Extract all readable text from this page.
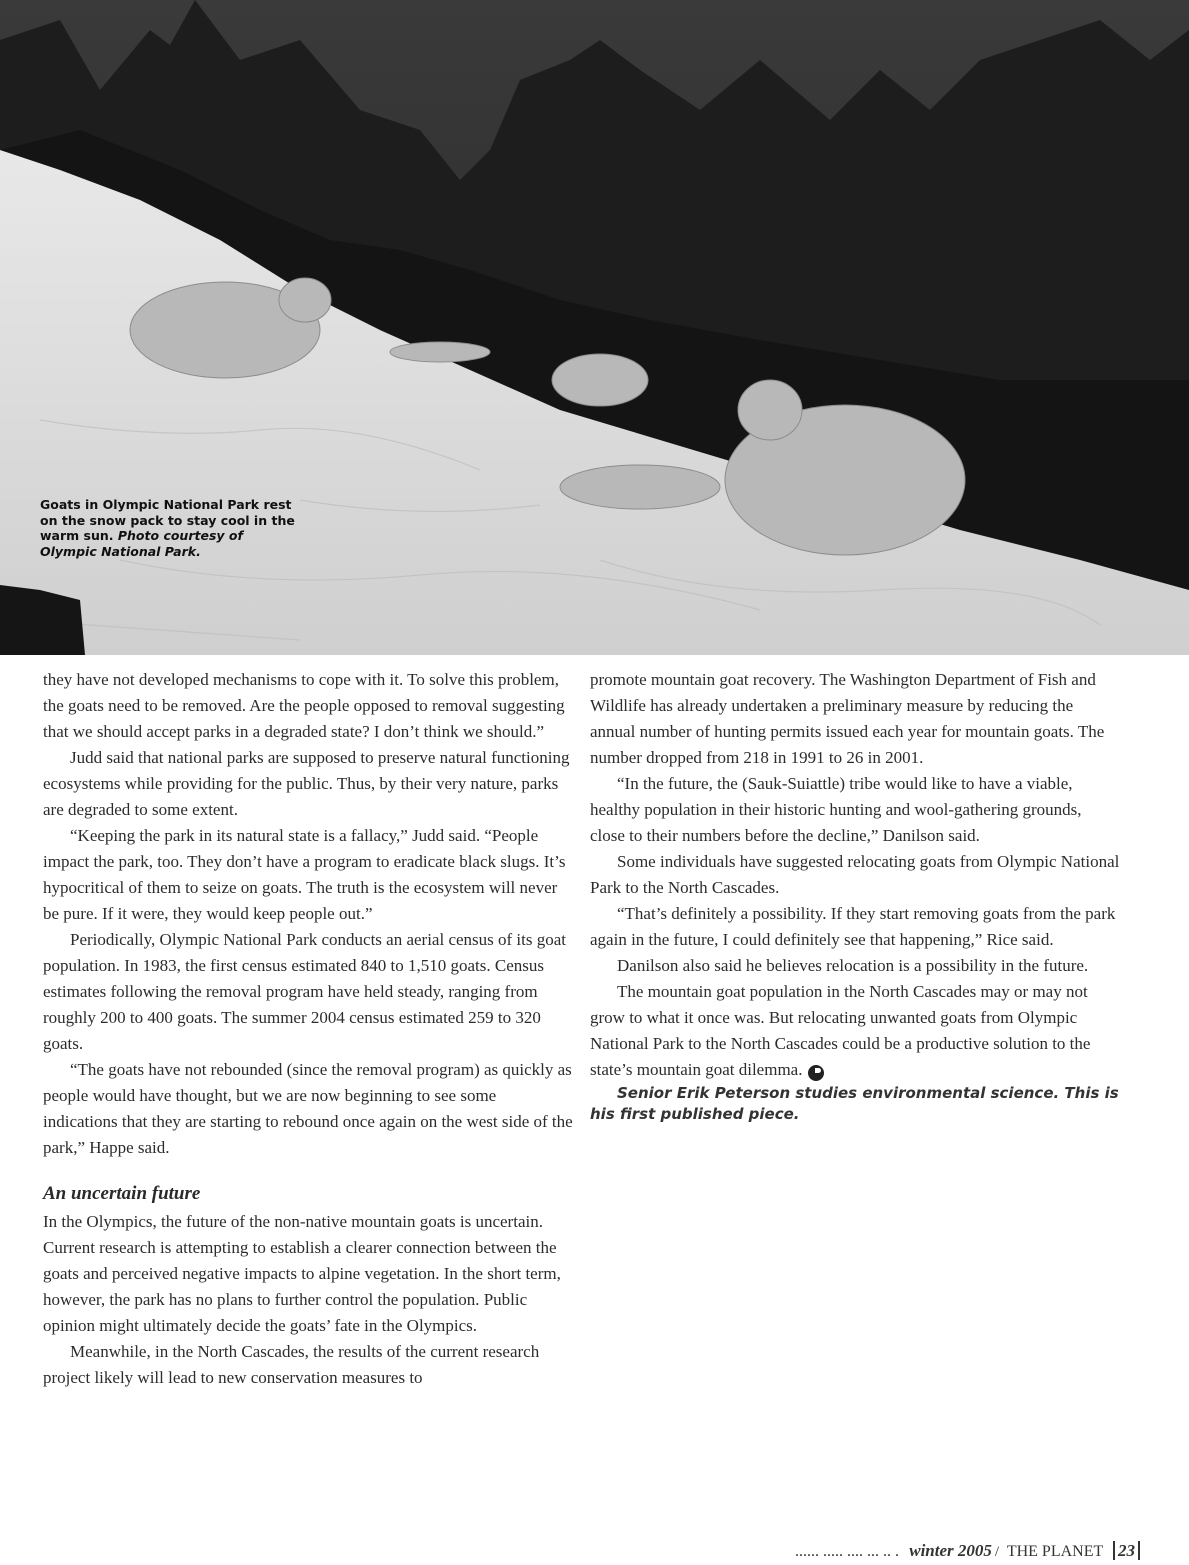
Goats in Olympic National Park rest on the snow pack to stay cool in the warm sun. Photo courtesy of Olympic National Park.

they have not developed mechanisms to cope with it. To solve this problem, the goats need to be removed. Are the people opposed to removal suggesting that we should accept parks in a degraded state? I don’t think we should.”

Judd said that national parks are supposed to preserve natural functioning ecosystems while providing for the public. Thus, by their very nature, parks are degraded to some extent.

“Keeping the park in its natural state is a fallacy,” Judd said. “People impact the park, too. They don’t have a program to eradicate black slugs. It’s hypocritical of them to seize on goats. The truth is the ecosystem will never be pure. If it were, they would keep people out.”

Periodically, Olympic National Park conducts an aerial census of its goat population. In 1983, the first census estimated 840 to 1,510 goats. Census estimates following the removal program have held steady, ranging from roughly 200 to 400 goats. The summer 2004 census estimated 259 to 320 goats.

“The goats have not rebounded (since the removal program) as quickly as people would have thought, but we are now beginning to see some indications that they are starting to rebound once again on the west side of the park,” Happe said.

An uncertain future

In the Olympics, the future of the non-native mountain goats is uncertain. Current research is attempting to establish a clearer connection between the goats and perceived negative impacts to alpine vegetation. In the short term, however, the park has no plans to further control the population. Public opinion might ultimately decide the goats’ fate in the Olympics.

Meanwhile, in the North Cascades, the results of the current research project likely will lead to new conservation measures to

promote mountain goat recovery. The Washington Department of Fish and Wildlife has already undertaken a preliminary measure by reducing the annual number of hunting permits issued each year for mountain goats. The number dropped from 218 in 1991 to 26 in 2001.

“In the future, the (Sauk-Suiattle) tribe would like to have a viable, healthy population in their historic hunting and wool-gathering grounds, close to their numbers before the decline,” Danilson said.

Some individuals have suggested relocating goats from Olympic National Park to the North Cascades.

“That’s definitely a possibility. If they start removing goats from the park again in the future, I could definitely see that happening,” Rice said.

Danilson also said he believes relocation is a possibility in the future.

The mountain goat population in the North Cascades may or may not grow to what it once was. But relocating unwanted goats from Olympic National Park to the North Cascades could be a productive solution to the state’s mountain goat dilemma.

Senior Erik Peterson studies environmental science. This is his first published piece.

...... ..... .... ... .. . winter 2005 / THE PLANET 23
